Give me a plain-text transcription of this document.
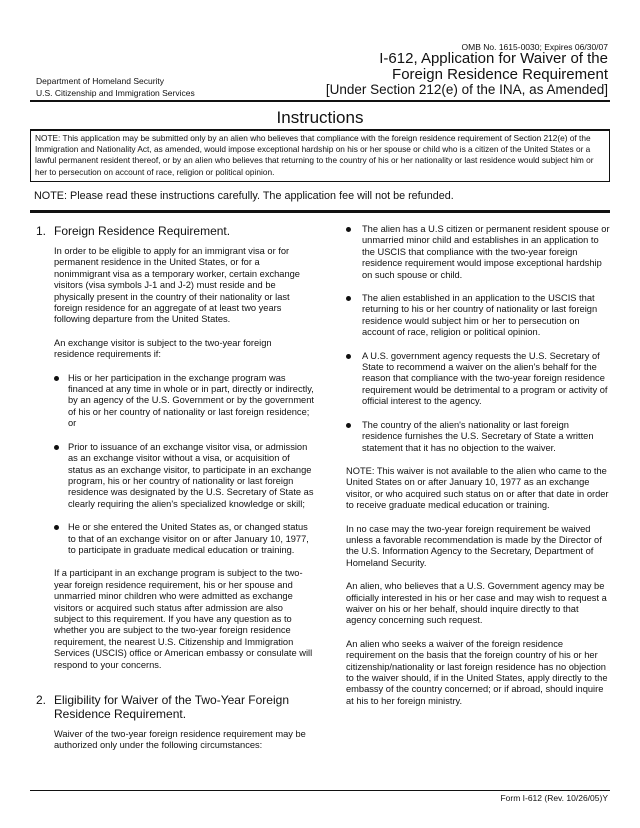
OMB No. 1615-0030; Expires 06/30/07
I-612, Application for Waiver of the
Foreign Residence Requirement
[Under Section 212(e) of the INA, as Amended]
Department of Homeland Security
U.S. Citizenship and Immigration Services
Instructions
NOTE: This application may be submitted only by an alien who believes that compliance with the foreign residence requirement of Section 212(e) of the Immigration and Nationality Act, as amended, would impose exceptional hardship on his or her spouse or child who is a citizen of the United States or a lawful permanent resident thereof, or by an alien who believes that returning to the country of his or her nationality or last residence would subject him or her to persecution on account of race, religion or political opinion.
NOTE: Please read these instructions carefully. The application fee will not be refunded.
1. Foreign Residence Requirement.

In order to be eligible to apply for an immigrant visa or for permanent residence in the United States, or for a nonimmigrant visa as a temporary worker, certain exchange visitors (visa symbols J-1 and J-2) must reside and be physically present in the country of their nationality or last foreign residence for an aggregate of at least two years following departure from the United States.

An exchange visitor is subject to the two-year foreign residence requirements if:

His or her participation in the exchange program was financed at any time in whole or in part, directly or indirectly, by an agency of the U.S. Government or by the government of his or her country of nationality or last foreign residence; or
Prior to issuance of an exchange visitor visa, or admission as an exchange visitor without a visa, or acquisition of status as an exchange visitor, to participate in an exchange program, his or her country of nationality or last foreign residence was designated by the U.S. Secretary of State as clearly requiring the alien's specialized knowledge or skill;
He or she entered the United States as, or changed status to that of an exchange visitor on or after January 10, 1977, to participate in graduate medical education or training.

If a participant in an exchange program is subject to the two-year foreign residence requirement, his or her spouse and unmarried minor children who were admitted as exchange visitors or acquired such status after admission are also subject to this requirement. If you have any question as to whether you are subject to the two-year foreign residence requirement, the nearest U.S. Citizenship and Immigration Services (USCIS) office or American embassy or consulate will respond to your concerns.

2. Eligibility for Waiver of the Two-Year Foreign Residence Requirement.

Waiver of the two-year foreign residence requirement may be authorized only under the following circumstances:

The alien has a U.S citizen or permanent resident spouse or unmarried minor child and establishes in an application to the USCIS that compliance with the two-year foreign residence requirement would impose exceptional hardship on such spouse or child.
The alien established in an application to the USCIS that returning to his or her country of nationality or last foreign residence would subject him or her to persecution on account of race, religion or political opinion.
A U.S. government agency requests the U.S. Secretary of State to recommend a waiver on the alien's behalf for the reason that compliance with the two-year foreign residence requirement would be detrimental to a program or activity of official interest to the agency.
The country of the alien's nationality or last foreign residence furnishes the U.S. Secretary of State a written statement that it has no objection to the waiver.

NOTE: This waiver is not available to the alien who came to the United States on or after January 10, 1977 as an exchange visitor, or who acquired such status on or after that date in order to receive graduate medical education or training.

In no case may the two-year foreign requirement be waived unless a favorable recommendation is made by the Director of the U.S. Information Agency to the Secretary, Department of Homeland Security.

An alien, who believes that a U.S. Government agency may be officially interested in his or her case and may wish to request a waiver on his or her behalf, should inquire directly to that agency concerning such request.

An alien who seeks a waiver of the foreign residence requirement on the basis that the foreign country of his or her citizenship/nationality or last foreign residence has no objection to the waiver should, if in the United States, apply directly to the embassy of the country concerned; or if abroad, should inquire at his to her foreign ministry.

Form I-612 (Rev. 10/26/05)Y
